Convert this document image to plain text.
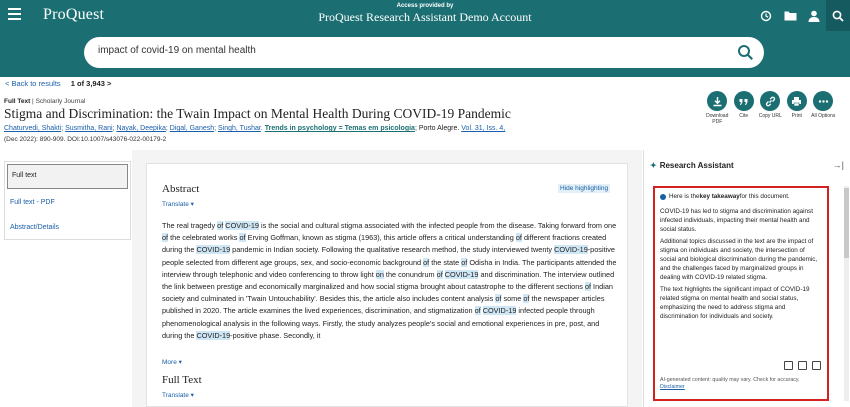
ProQuest	Access provided by
ProQuest Research Assistant Demo Account
impact of covid-19 on mental health
< Back to results 1 of 3,943 >
Full Text | Scholarly Journal
Stigma and Discrimination: the Twain Impact on Mental Health During COVID-19 Pandemic
Chaturvedi, Shakti; Susmitha, Rani; Nayak, Deepika; Digal, Ganesh; Singh, Tushar. Trends in psychology = Temas em psicologia; Porto Alegre. Vol. 31, Iss. 4,
(Dec 2022): 890-909. DOI:10.1007/s43076-022-00179-2
Download PDF
Cite Copy URL Print All Options
Full text
Full text - PDF
Abstract/Details
Abstract
Translate ▾
Hide highlighting
The real tragedy of COVID-19 is the social and cultural stigma associated with the infected people from the disease. Taking forward from one of the celebrated works of Erving Goffman, known as stigma (1963), this article offers a critical understanding of different fractions created during the COVID-19 pandemic in Indian society. Following the qualitative research method, the study interviewed twenty COVID-19-positive people selected from different age groups, sex, and socio-economic background of the state of Odisha in India. The participants attended the interview through telephonic and video conferencing to throw light on the conundrum of COVID-19 and discrimination. The interview outlined the link between prestige and economically marginalized and how social stigma brought about catastrophe to the different sections of Indian society and culminated in 'Twain Untouchability'. Besides this, the article also includes content analysis of some of the newspaper articles published in 2020. The article examines the lived experiences, discrimination, and stigmatization of COVID-19 infected people through phenomenological analysis in the following ways. Firstly, the study analyzes people's social and emotional experiences in pre, post, and during the COVID-19-positive phase. Secondly, it
More ▾
Full Text
Translate ▾
✦ Research Assistant	→|

Here is the key takeaway for this document.

COVID-19 has led to stigma and discrimination against infected individuals, impacting their mental health and social status.

Additional topics discussed in the text are the impact of stigma on individuals and society, the intersection of social and biological discrimination during the pandemic, and the challenges faced by marginalized groups in dealing with COVID-19 related stigma.

The text highlights the significant impact of COVID-19 related stigma on mental health and social status, emphasizing the need to address stigma and discrimination for individuals and society.

AI-generated content: quality may vary. Check for accuracy.
Disclaimer
